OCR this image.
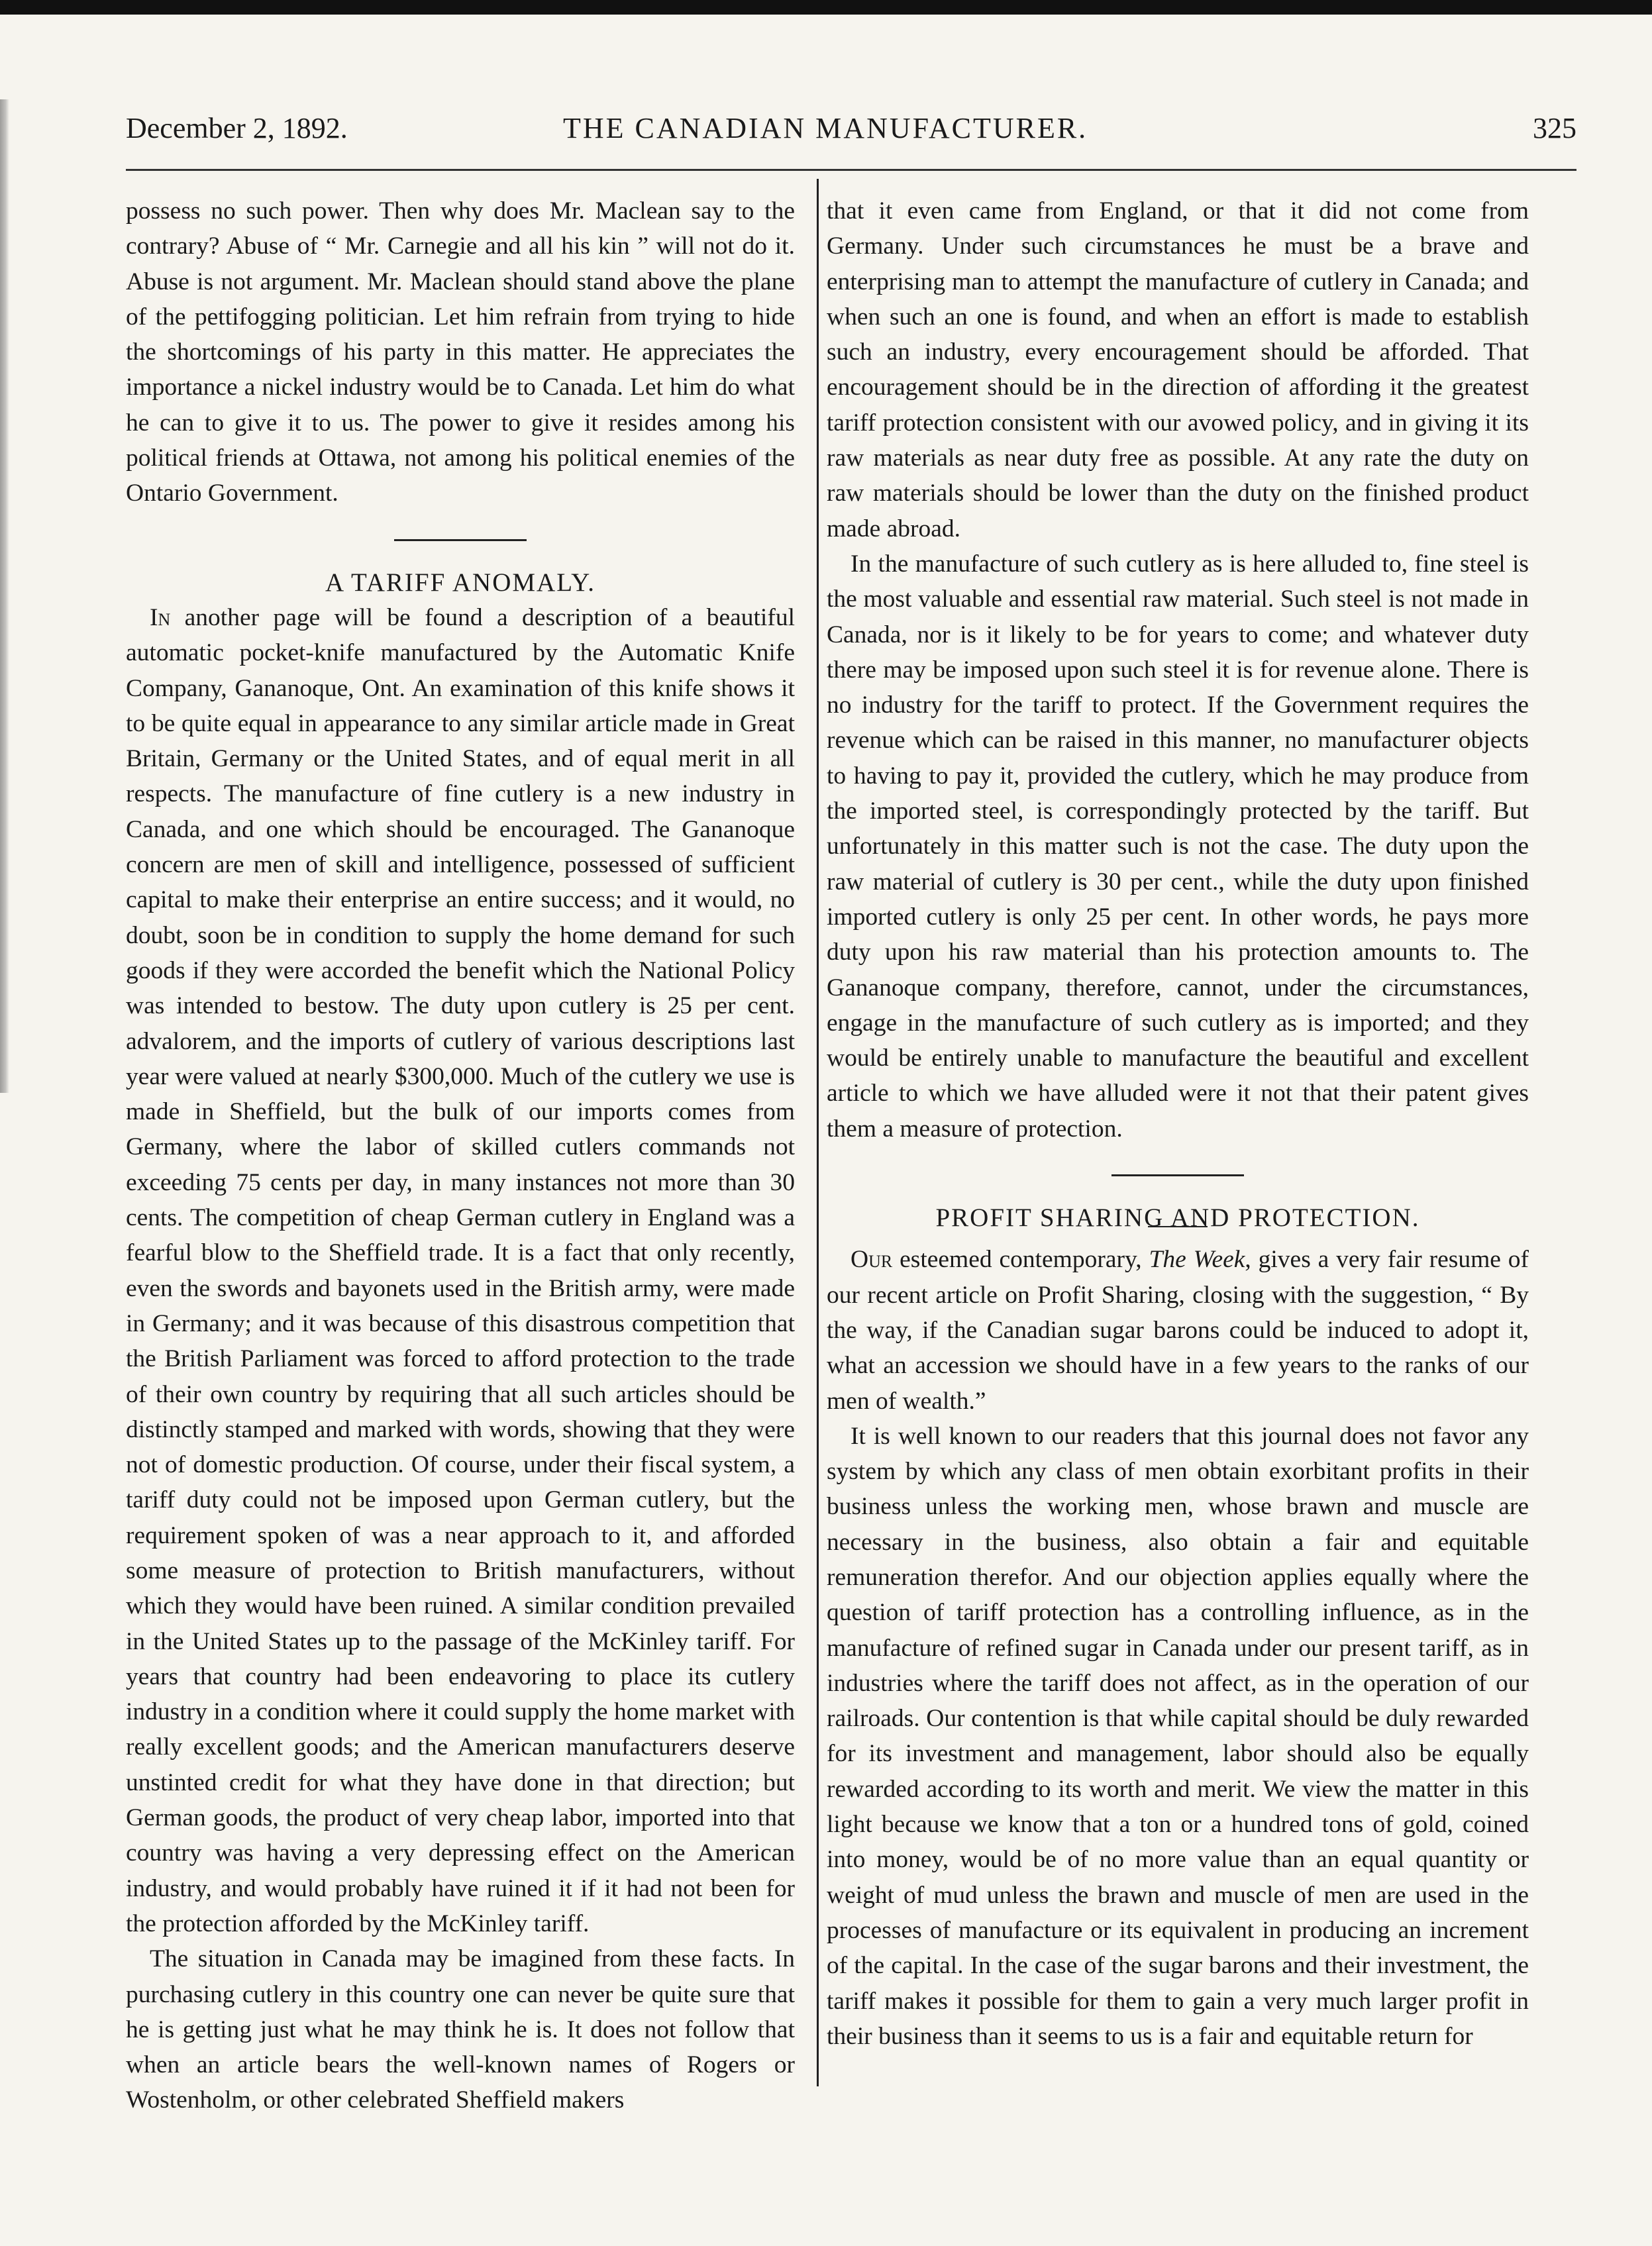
December 2, 1892.	THE CANADIAN MANUFACTURER.	325

possess no such power. Then why does Mr. Maclean say to the contrary? Abuse of “ Mr. Carnegie and all his kin ” will not do it. Abuse is not argument. Mr. Maclean should stand above the plane of the pettifogging politician. Let him refrain from trying to hide the shortcomings of his party in this matter. He appreciates the importance a nickel industry would be to Canada. Let him do what he can to give it to us. The power to give it resides among his political friends at Ottawa, not among his political enemies of the Ontario Government.

A TARIFF ANOMALY.

In another page will be found a description of a beautiful automatic pocket-knife manufactured by the Automatic Knife Company, Gananoque, Ont. An examination of this knife shows it to be quite equal in appearance to any similar article made in Great Britain, Germany or the United States, and of equal merit in all respects. The manufacture of fine cutlery is a new industry in Canada, and one which should be encouraged. The Gananoque concern are men of skill and intelligence, possessed of sufficient capital to make their enterprise an entire success; and it would, no doubt, soon be in condition to supply the home demand for such goods if they were accorded the benefit which the National Policy was intended to bestow. The duty upon cutlery is 25 per cent. advalorem, and the imports of cutlery of various descriptions last year were valued at nearly $300,000. Much of the cutlery we use is made in Sheffield, but the bulk of our imports comes from Germany, where the labor of skilled cutlers commands not exceeding 75 cents per day, in many instances not more than 30 cents. The competition of cheap German cutlery in England was a fearful blow to the Sheffield trade. It is a fact that only recently, even the swords and bayonets used in the British army, were made in Germany; and it was because of this disastrous competition that the British Parliament was forced to afford protection to the trade of their own country by requiring that all such articles should be distinctly stamped and marked with words, showing that they were not of domestic production. Of course, under their fiscal system, a tariff duty could not be imposed upon German cutlery, but the requirement spoken of was a near approach to it, and afforded some measure of protection to British manufacturers, without which they would have been ruined. A similar condition prevailed in the United States up to the passage of the McKinley tariff. For years that country had been endeavoring to place its cutlery industry in a condition where it could supply the home market with really excellent goods; and the American manufacturers deserve unstinted credit for what they have done in that direction; but German goods, the product of very cheap labor, imported into that country was having a very depressing effect on the American industry, and would probably have ruined it if it had not been for the protection afforded by the McKinley tariff.

The situation in Canada may be imagined from these facts. In purchasing cutlery in this country one can never be quite sure that he is getting just what he may think he is. It does not follow that when an article bears the well-known names of Rogers or Wostenholm, or other celebrated Sheffield makers

that it even came from England, or that it did not come from Germany. Under such circumstances he must be a brave and enterprising man to attempt the manufacture of cutlery in Canada; and when such an one is found, and when an effort is made to establish such an industry, every encouragement should be afforded. That encouragement should be in the direction of affording it the greatest tariff protection consistent with our avowed policy, and in giving it its raw materials as near duty free as possible. At any rate the duty on raw materials should be lower than the duty on the finished product made abroad.

In the manufacture of such cutlery as is here alluded to, fine steel is the most valuable and essential raw material. Such steel is not made in Canada, nor is it likely to be for years to come; and whatever duty there may be imposed upon such steel it is for revenue alone. There is no industry for the tariff to protect. If the Government requires the revenue which can be raised in this manner, no manufacturer objects to having to pay it, provided the cutlery, which he may produce from the imported steel, is correspondingly protected by the tariff. But unfortunately in this matter such is not the case. The duty upon the raw material of cutlery is 30 per cent., while the duty upon finished imported cutlery is only 25 per cent. In other words, he pays more duty upon his raw material than his protection amounts to. The Gananoque company, therefore, cannot, under the circumstances, engage in the manufacture of such cutlery as is imported; and they would be entirely unable to manufacture the beautiful and excellent article to which we have alluded were it not that their patent gives them a measure of protection.

PROFIT SHARING AND PROTECTION.

Our esteemed contemporary, The Week, gives a very fair resume of our recent article on Profit Sharing, closing with the suggestion, “ By the way, if the Canadian sugar barons could be induced to adopt it, what an accession we should have in a few years to the ranks of our men of wealth.”

It is well known to our readers that this journal does not favor any system by which any class of men obtain exorbitant profits in their business unless the working men, whose brawn and muscle are necessary in the business, also obtain a fair and equitable remuneration therefor. And our objection applies equally where the question of tariff protection has a controlling influence, as in the manufacture of refined sugar in Canada under our present tariff, as in industries where the tariff does not affect, as in the operation of our railroads. Our contention is that while capital should be duly rewarded for its investment and management, labor should also be equally rewarded according to its worth and merit. We view the matter in this light because we know that a ton or a hundred tons of gold, coined into money, would be of no more value than an equal quantity or weight of mud unless the brawn and muscle of men are used in the processes of manufacture or its equivalent in producing an increment of the capital. In the case of the sugar barons and their investment, the tariff makes it possible for them to gain a very much larger profit in their business than it seems to us is a fair and equitable return for
